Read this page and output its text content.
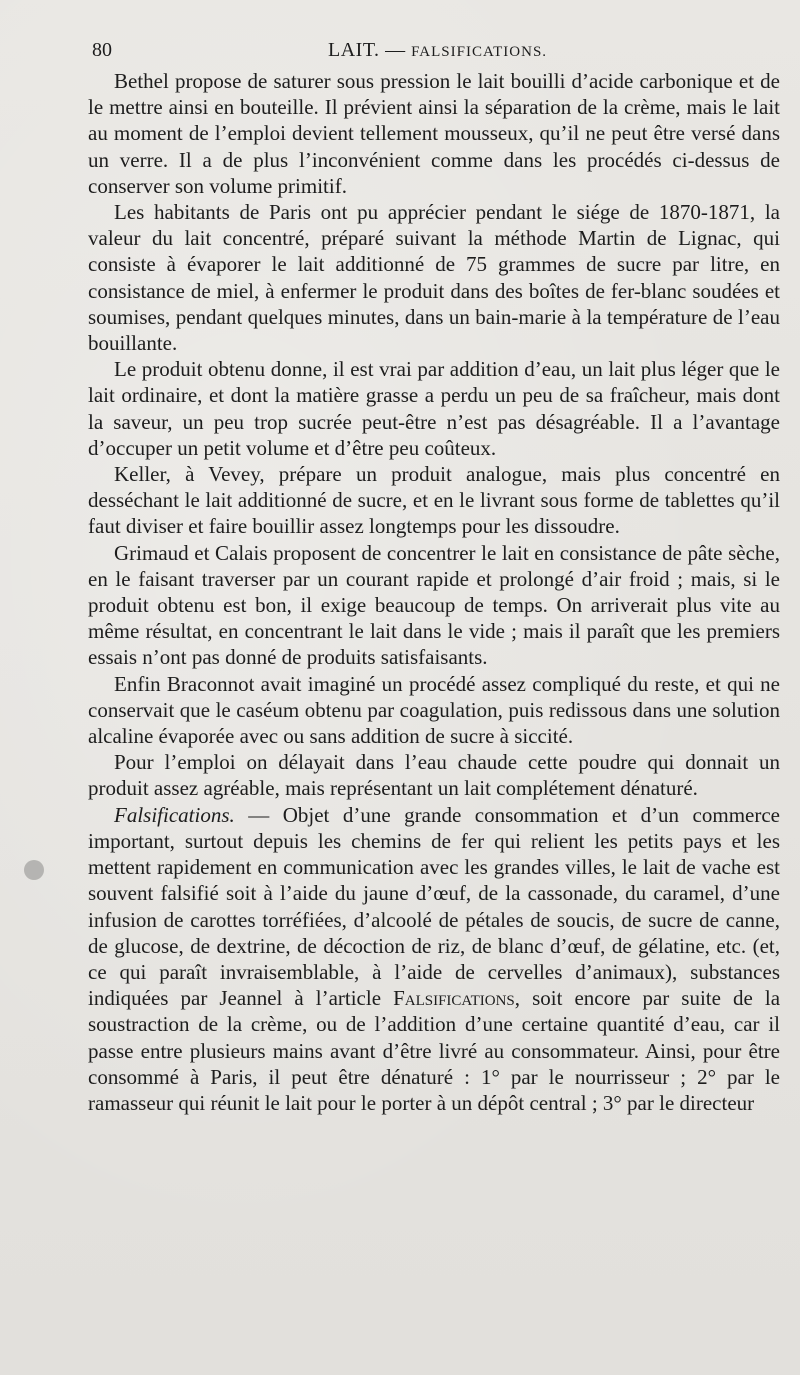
80	LAIT. — FALSIFICATIONS.

Bethel propose de saturer sous pression le lait bouilli d’acide carbonique et de le mettre ainsi en bouteille. Il prévient ainsi la séparation de la crème, mais le lait au moment de l’emploi devient tellement mousseux, qu’il ne peut être versé dans un verre. Il a de plus l’inconvénient comme dans les procédés ci-dessus de conserver son volume primitif.

Les habitants de Paris ont pu apprécier pendant le siége de 1870-1871, la valeur du lait concentré, préparé suivant la méthode Martin de Lignac, qui consiste à évaporer le lait additionné de 75 grammes de sucre par litre, en consistance de miel, à enfermer le produit dans des boîtes de fer-blanc soudées et soumises, pendant quelques minutes, dans un bain-marie à la température de l’eau bouillante.

Le produit obtenu donne, il est vrai par addition d’eau, un lait plus léger que le lait ordinaire, et dont la matière grasse a perdu un peu de sa fraîcheur, mais dont la saveur, un peu trop sucrée peut-être n’est pas désagréable. Il a l’avantage d’occuper un petit volume et d’être peu coûteux.

Keller, à Vevey, prépare un produit analogue, mais plus concentré en desséchant le lait additionné de sucre, et en le livrant sous forme de tablettes qu’il faut diviser et faire bouillir assez longtemps pour les dissoudre.

Grimaud et Calais proposent de concentrer le lait en consistance de pâte sèche, en le faisant traverser par un courant rapide et prolongé d’air froid ; mais, si le produit obtenu est bon, il exige beaucoup de temps. On arriverait plus vite au même résultat, en concentrant le lait dans le vide ; mais il paraît que les premiers essais n’ont pas donné de produits satisfaisants.

Enfin Braconnot avait imaginé un procédé assez compliqué du reste, et qui ne conservait que le caséum obtenu par coagulation, puis redissous dans une solution alcaline évaporée avec ou sans addition de sucre à siccité.

Pour l’emploi on délayait dans l’eau chaude cette poudre qui donnait un produit assez agréable, mais représentant un lait complétement dénaturé.

Falsifications. — Objet d’une grande consommation et d’un commerce important, surtout depuis les chemins de fer qui relient les petits pays et les mettent rapidement en communication avec les grandes villes, le lait de vache est souvent falsifié soit à l’aide du jaune d’œuf, de la cassonade, du caramel, d’une infusion de carottes torréfiées, d’alcoolé de pétales de soucis, de sucre de canne, de glucose, de dextrine, de décoction de riz, de blanc d’œuf, de gélatine, etc. (et, ce qui paraît invraisemblable, à l’aide de cervelles d’animaux), substances indiquées par Jeannel à l’article Falsifications, soit encore par suite de la soustraction de la crème, ou de l’addition d’une certaine quantité d’eau, car il passe entre plusieurs mains avant d’être livré au consommateur. Ainsi, pour être consommé à Paris, il peut être dénaturé : 1° par le nourrisseur ; 2° par le ramasseur qui réunit le lait pour le porter à un dépôt central ; 3° par le directeur
